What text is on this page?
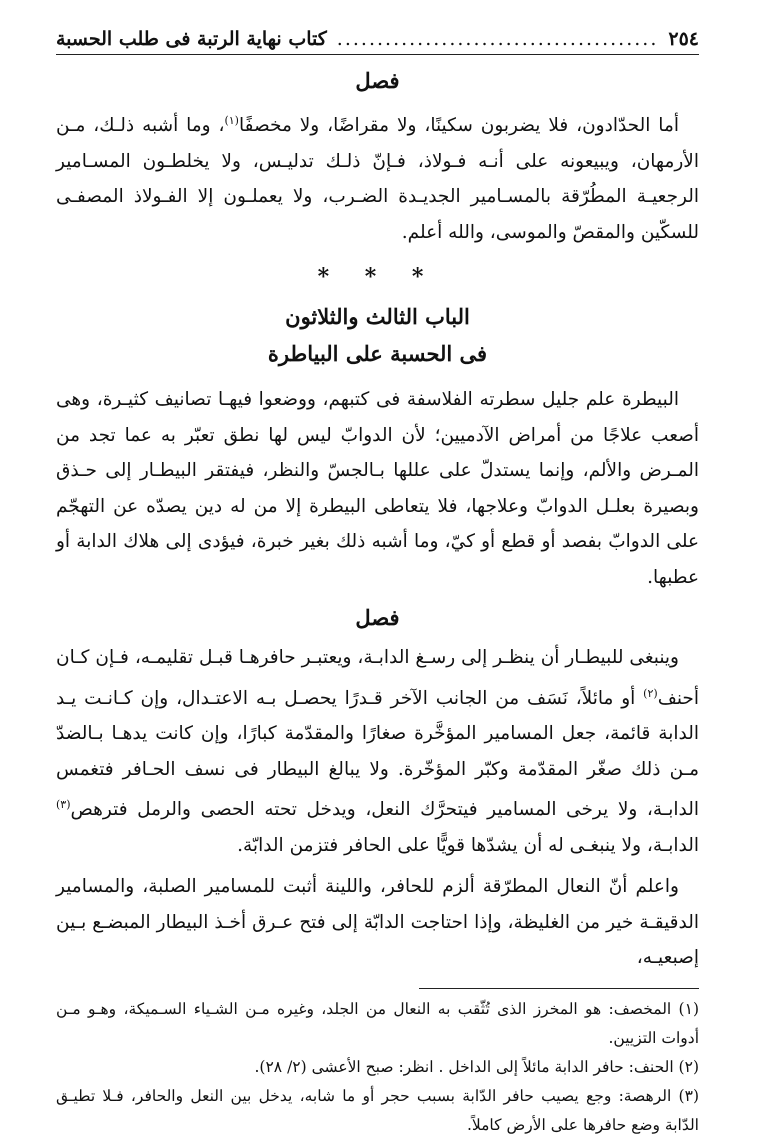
٢٥٤
.....
كتاب نهاية الرتبة فى طلب الحسبة

فصل

أما الحدّادون، فلا يضربون سكينًا، ولا مقراضًا، ولا مخصفًا$^{(١)}$، وما أشبه ذلـك، مـن الأرمهان، ويبيعونه على أنـه فـولاذ، فـإنّ ذلـك تدليـس، ولا يخلطـون المسـامير الرجعيـة المطُرّقة بالمسـامير الجديـدة الضـرب، ولا يعملـون إلا الفـولاذ المصفـى للسكّين والمقصّ والموسى، والله أعلم.

* * *

الباب الثالث والثلاثون

فى الحسبة على البياطرة

البيطرة علم جليل سطرته الفلاسفة فى كتبهم، ووضعوا فيهـا تصانيف كثيـرة، وهى أصعب علاجًا من أمراض الآدميين؛ لأن الدوابّ ليس لها نطق تعبّر به عما تجد من المـرض والألم، وإنما يستدلّ على عللها بـالجسّ والنظر، فيفتقر البيطـار إلى حـذق وبصيرة بعلـل الدوابّ وعلاجها، فلا يتعاطى البيطرة إلا من له دين يصدّه عن التهجّم على الدوابّ بفصد أو قطع أو كيّ، وما أشبه ذلك بغير خبرة، فيؤدى إلى هلاك الدابة أو عطبها.

فصل

وينبغى للبيطـار أن ينظـر إلى رسـغ الدابـة، ويعتبـر حافرهـا قبـل تقليمـه، فـإن كـان أحنف$^{(٢)}$ أو مائلاً، نَسَف من الجانب الآخر قـدرًا يحصـل بـه الاعتـدال، وإن كـانـت يـد الدابة قائمة، جعل المسامير المؤخَّرة صغارًا والمقدّمة كبارًا، وإن كانت يدهـا بـالضدّ مـن ذلك صغّر المقدّمة وكبّر المؤخّرة. ولا يبالغ البيطار فى نسف الحـافر فتغمس الدابـة، ولا يرخى المسامير فيتحرَّك النعل، ويدخل تحته الحصى والرمل فترهص$^{(٣)}$ الدابـة، ولا ينبغـى له أن يشدّها قويًّا على الحافر فتزمن الدابّة.

واعلم أنّ النعال المطرّقة ألزم للحافر، واللينة أثبت للمسامير الصلبة، والمسامير الدقيقـة خير من الغليظة، وإذا احتاجت الدابّة إلى فتح عـرق أخـذ البيطار المبضـع بـين إصبعيـه،

(١) المخصف: هو المخرز الذى تُثّقب به النعال من الجلد، وغيره مـن الشـياء السـميكة، وهـو مـن أدوات التزيين.

(٢) الحنف: حافر الدابة مائلاً إلى الداخل . انظر: صبح الأعشى (٢/ ٢٨).

(٣) الرهصة: وجع يصيب حافر الدّابة بسبب حجر أو ما شابه، يدخل بين النعل والحافر، فـلا تطيـق الدّابة وضع حافرها على الأرض كاملاً.
